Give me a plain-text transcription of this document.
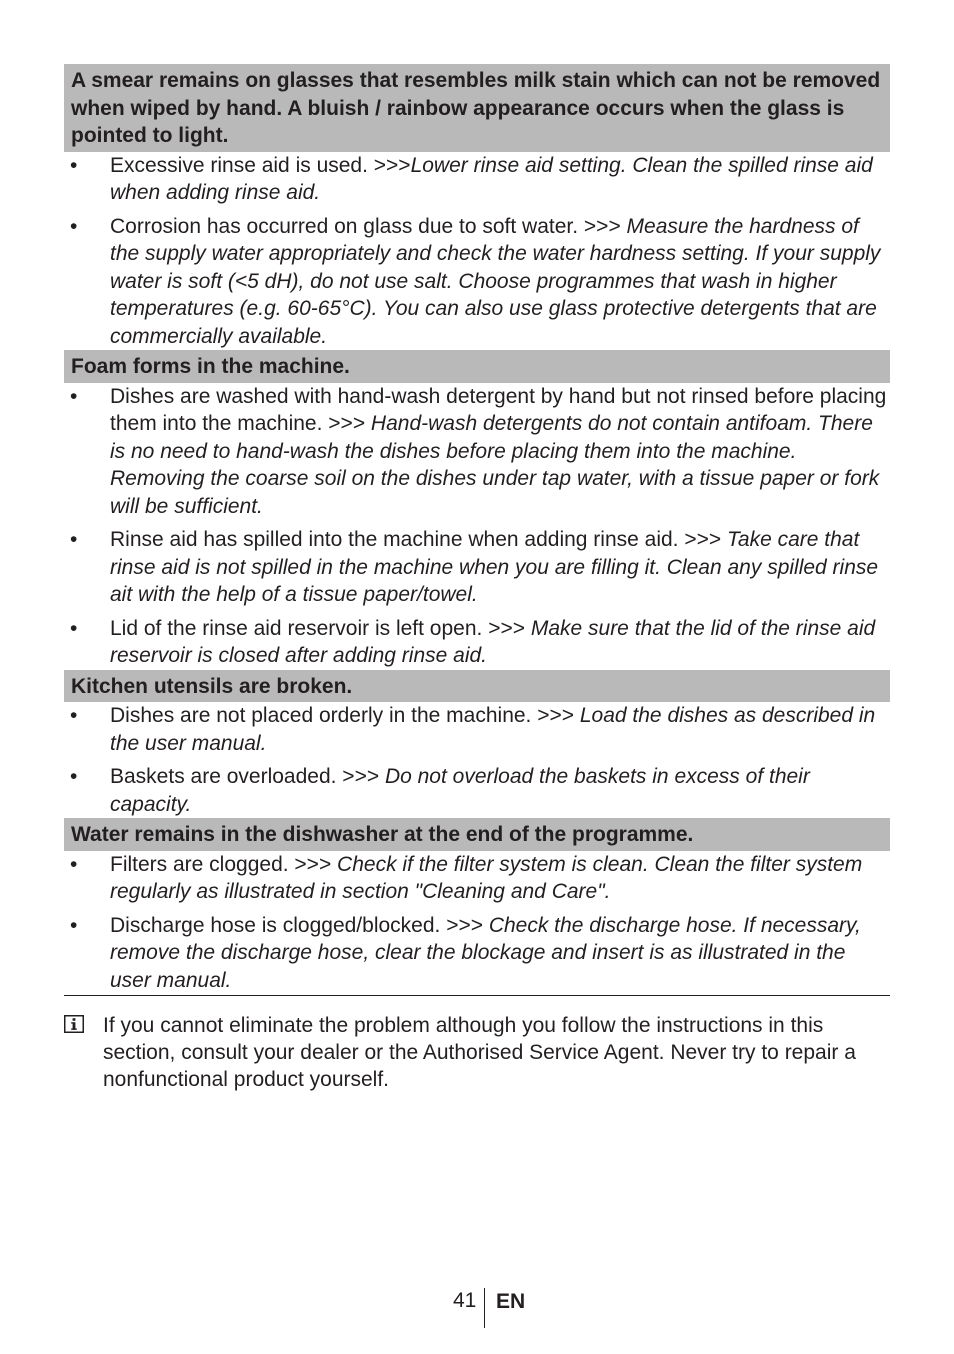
A smear remains on glasses that resembles milk stain which can not be removed when wiped by hand. A bluish / rainbow appearance occurs when the glass is pointed to light.
• Excessive rinse aid is used. >>>Lower rinse aid setting. Clean the spilled rinse aid when adding rinse aid.
• Corrosion has occurred on glass due to soft water. >>> Measure the hardness of the supply water appropriately and check the water hardness setting. If your supply water is soft (<5 dH), do not use salt. Choose programmes that wash in higher temperatures (e.g. 60-65°C). You can also use glass protective detergents that are commercially available.
Foam forms in the machine.
• Dishes are washed with hand-wash detergent by hand but not rinsed before placing them into the machine. >>> Hand-wash detergents do not contain antifoam. There is no need to hand-wash the dishes before placing them into the machine. Removing the coarse soil on the dishes under tap water, with a tissue paper or fork will be sufficient.
• Rinse aid has spilled into the machine when adding rinse aid. >>> Take care that rinse aid is not spilled in the machine when you are filling it. Clean any spilled rinse ait with the help of a tissue paper/towel.
• Lid of the rinse aid reservoir is left open. >>> Make sure that the lid of the rinse aid reservoir is closed after adding rinse aid.
Kitchen utensils are broken.
• Dishes are not placed orderly in the machine. >>> Load the dishes as described in the user manual.
• Baskets are overloaded. >>> Do not overload the baskets in excess of their capacity.
Water remains in the dishwasher at the end of the programme.
• Filters are clogged. >>> Check if the filter system is clean. Clean the filter system regularly as illustrated in section "Cleaning and Care".
• Discharge hose is clogged/blocked. >>> Check the discharge hose. If necessary, remove the discharge hose, clear the blockage and insert is as illustrated in the user manual.
If you cannot eliminate the problem although you follow the instructions in this section, consult your dealer or the Authorised Service Agent. Never try to repair a nonfunctional product yourself.
41 EN
